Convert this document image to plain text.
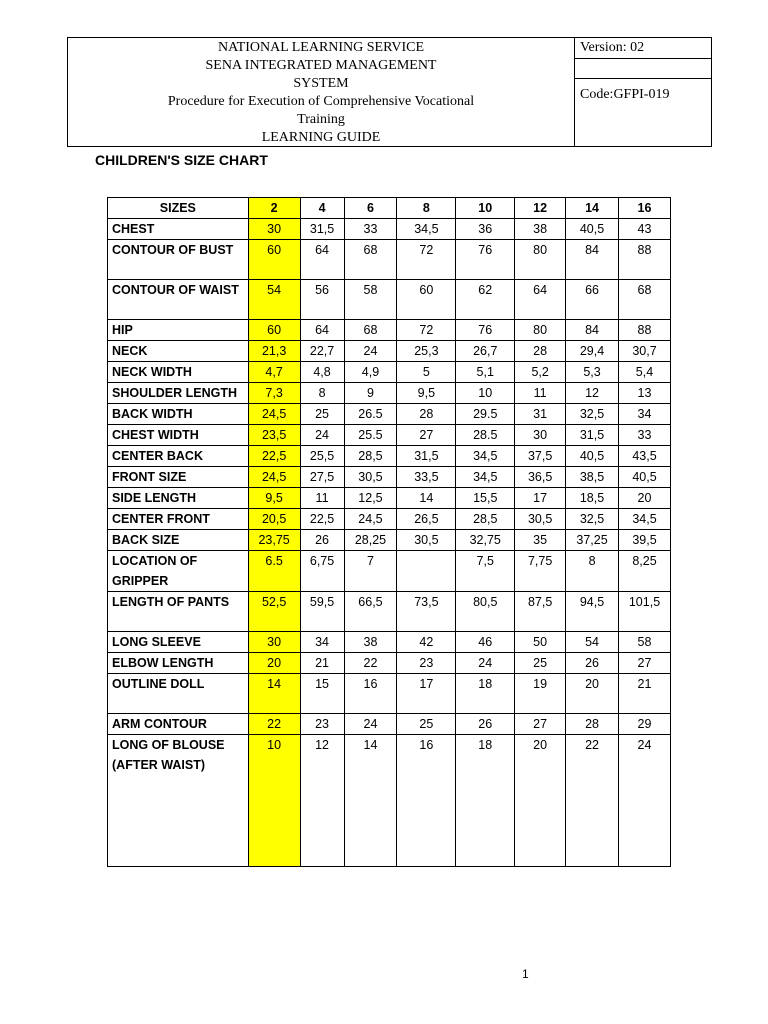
NATIONAL LEARNING SERVICE
SENA INTEGRATED MANAGEMENT
SYSTEM
Procedure for Execution of Comprehensive Vocational
Training
LEARNING GUIDE
Version: 02
Code:GFPI-019
CHILDREN'S SIZE CHART
SIZES	2	4	6	8	10	12	14	16
CHEST	30	31,5	33	34,5	36	38	40,5	43
CONTOUR OF BUST	60	64	68	72	76	80	84	88
CONTOUR OF WAIST	54	56	58	60	62	64	66	68
HIP	60	64	68	72	76	80	84	88
NECK	21,3	22,7	24	25,3	26,7	28	29,4	30,7
NECK WIDTH	4,7	4,8	4,9	5	5,1	5,2	5,3	5,4
SHOULDER LENGTH	7,3	8	9	9,5	10	11	12	13
BACK WIDTH	24,5	25	26.5	28	29.5	31	32,5	34
CHEST WIDTH	23,5	24	25.5	27	28.5	30	31,5	33
CENTER BACK	22,5	25,5	28,5	31,5	34,5	37,5	40,5	43,5
FRONT SIZE	24,5	27,5	30,5	33,5	34,5	36,5	38,5	40,5
SIDE LENGTH	9,5	11	12,5	14	15,5	17	18,5	20
CENTER FRONT	20,5	22,5	24,5	26,5	28,5	30,5	32,5	34,5
BACK SIZE	23,75	26	28,25	30,5	32,75	35	37,25	39,5
LOCATION OF GRIPPER	6.5	6,75	7		7,5	7,75	8	8,25
LENGTH OF PANTS	52,5	59,5	66,5	73,5	80,5	87,5	94,5	101,5
LONG SLEEVE	30	34	38	42	46	50	54	58
ELBOW LENGTH	20	21	22	23	24	25	26	27
OUTLINE DOLL	14	15	16	17	18	19	20	21
ARM CONTOUR	22	23	24	25	26	27	28	29
LONG OF BLOUSE (AFTER WAIST)	10	12	14	16	18	20	22	24
1
